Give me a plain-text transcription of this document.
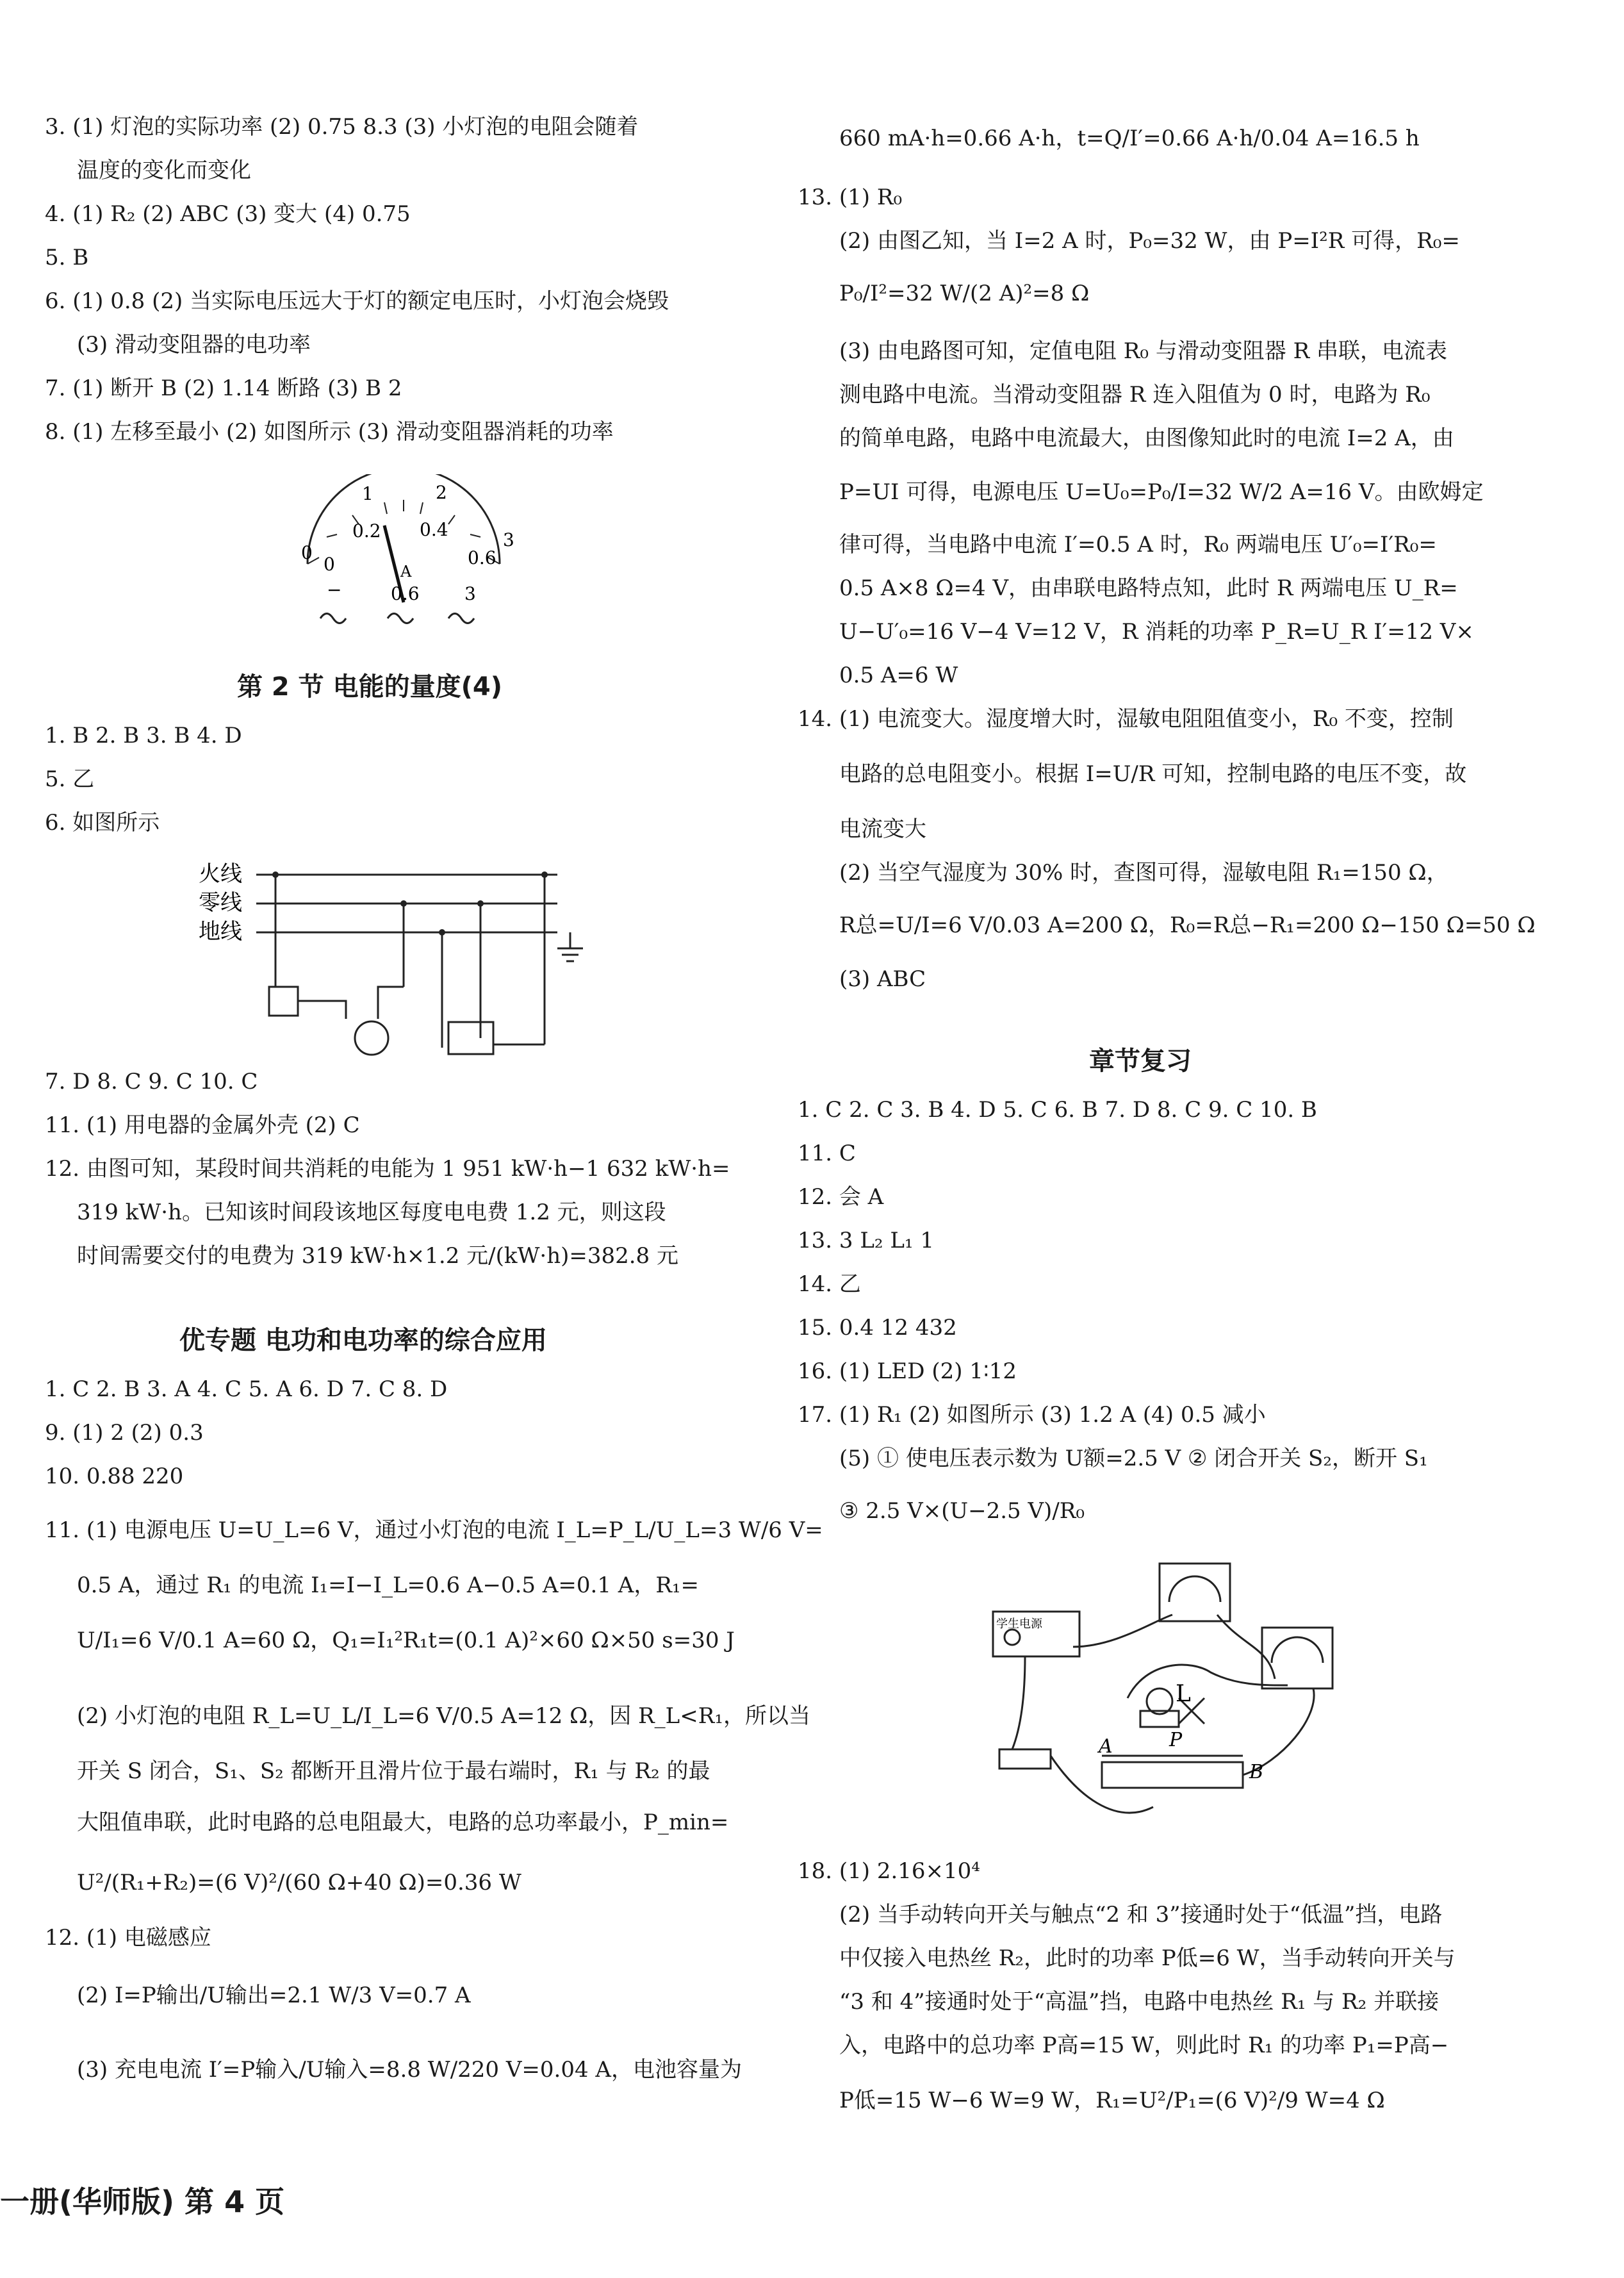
3. (1) 灯泡的实际功率 (2) 0.75 8.3 (3) 小灯泡的电阻会随着
温度的变化而变化
4. (1) R₂ (2) ABC (3) 变大 (4) 0.75
5. B
6. (1) 0.8 (2) 当实际电压远大于灯的额定电压时，小灯泡会烧毁
(3) 滑动变阻器的电功率
7. (1) 断开 B (2) 1.14 断路 (3) B 2
8. (1) 左移至最小 (2) 如图所示 (3) 滑动变阻器消耗的功率
1. B 2. B 3. B 4. D
5. 乙
6. 如图所示
7. D 8. C 9. C 10. C
11. (1) 用电器的金属外壳 (2) C
12. 由图可知，某段时间共消耗的电能为 1 951 kW·h−1 632 kW·h=
319 kW·h。已知该时间段该地区每度电电费 1.2 元，则这段
时间需要交付的电费为 319 kW·h×1.2 元/(kW·h)=382.8 元
1. C 2. B 3. A 4. C 5. A 6. D 7. C 8. D
9. (1) 2 (2) 0.3
10. 0.88 220
11. (1) 电源电压 U=U_L=6 V，通过小灯泡的电流 I_L=P_L/U_L=3 W/6 V=
0.5 A，通过 R₁ 的电流 I₁=I−I_L=0.6 A−0.5 A=0.1 A，R₁=
U/I₁=6 V/0.1 A=60 Ω，Q₁=I₁²R₁t=(0.1 A)²×60 Ω×50 s=30 J
(2) 小灯泡的电阻 R_L=U_L/I_L=6 V/0.5 A=12 Ω，因 R_L<R₁，所以当
开关 S 闭合，S₁、S₂ 都断开且滑片位于最右端时，R₁ 与 R₂ 的最
大阻值串联，此时电路的总电阻最大，电路的总功率最小，P_min=
U²/(R₁+R₂)=(6 V)²/(60 Ω+40 Ω)=0.36 W
12. (1) 电磁感应
(2) I=P输出/U输出=2.1 W/3 V=0.7 A
(3) 充电电流 I′=P输入/U输入=8.8 W/220 V=0.04 A，电池容量为
第 2 节 电能的量度(4)
优专题 电功和电功率的综合应用
660 mA·h=0.66 A·h，t=Q/I′=0.66 A·h/0.04 A=16.5 h
13. (1) R₀
(2) 由图乙知，当 I=2 A 时，P₀=32 W，由 P=I²R 可得，R₀=
P₀/I²=32 W/(2 A)²=8 Ω
(3) 由电路图可知，定值电阻 R₀ 与滑动变阻器 R 串联，电流表
测电路中电流。当滑动变阻器 R 连入阻值为 0 时，电路为 R₀
的简单电路，电路中电流最大，由图像知此时的电流 I=2 A，由
P=UI 可得，电源电压 U=U₀=P₀/I=32 W/2 A=16 V。由欧姆定
律可得，当电路中电流 I′=0.5 A 时，R₀ 两端电压 U′₀=I′R₀=
0.5 A×8 Ω=4 V，由串联电路特点知，此时 R 两端电压 U_R=
U−U′₀=16 V−4 V=12 V，R 消耗的功率 P_R=U_R I′=12 V×
0.5 A=6 W
14. (1) 电流变大。湿度增大时，湿敏电阻阻值变小，R₀ 不变，控制
电路的总电阻变小。根据 I=U/R 可知，控制电路的电压不变，故
电流变大
(2) 当空气湿度为 30% 时，查图可得，湿敏电阻 R₁=150 Ω，
R总=U/I=6 V/0.03 A=200 Ω，R₀=R总−R₁=200 Ω−150 Ω=50 Ω
(3) ABC
1. C 2. C 3. B 4. D 5. C 6. B 7. D 8. C 9. C 10. B
11. C
12. 会 A
13. 3 L₂ L₁ 1
14. 乙
15. 0.4 12 432
16. (1) LED (2) 1∶12
17. (1) R₁ (2) 如图所示 (3) 1.2 A (4) 0.5 减小
(5) ① 使电压表示数为 U额=2.5 V ② 闭合开关 S₂，断开 S₁
③ 2.5 V×(U−2.5 V)/R₀
18. (1) 2.16×10⁴
(2) 当手动转向开关与触点“2 和 3”接通时处于“低温”挡，电路
中仅接入电热丝 R₂，此时的功率 P低=6 W，当手动转向开关与
“3 和 4”接通时处于“高温”挡，电路中电热丝 R₁ 与 R₂ 并联接
入，电路中的总功率 P高=15 W，则此时 R₁ 的功率 P₁=P高−
P低=15 W−6 W=9 W，R₁=U²/P₁=(6 V)²/9 W=4 Ω
章节复习
0
1	2
3
0.2 0.4
0.6
0	A
−	0.6	3
火线
零线
地线
学生电源
L
A	P
B
一册(华师版) 第 4 页
